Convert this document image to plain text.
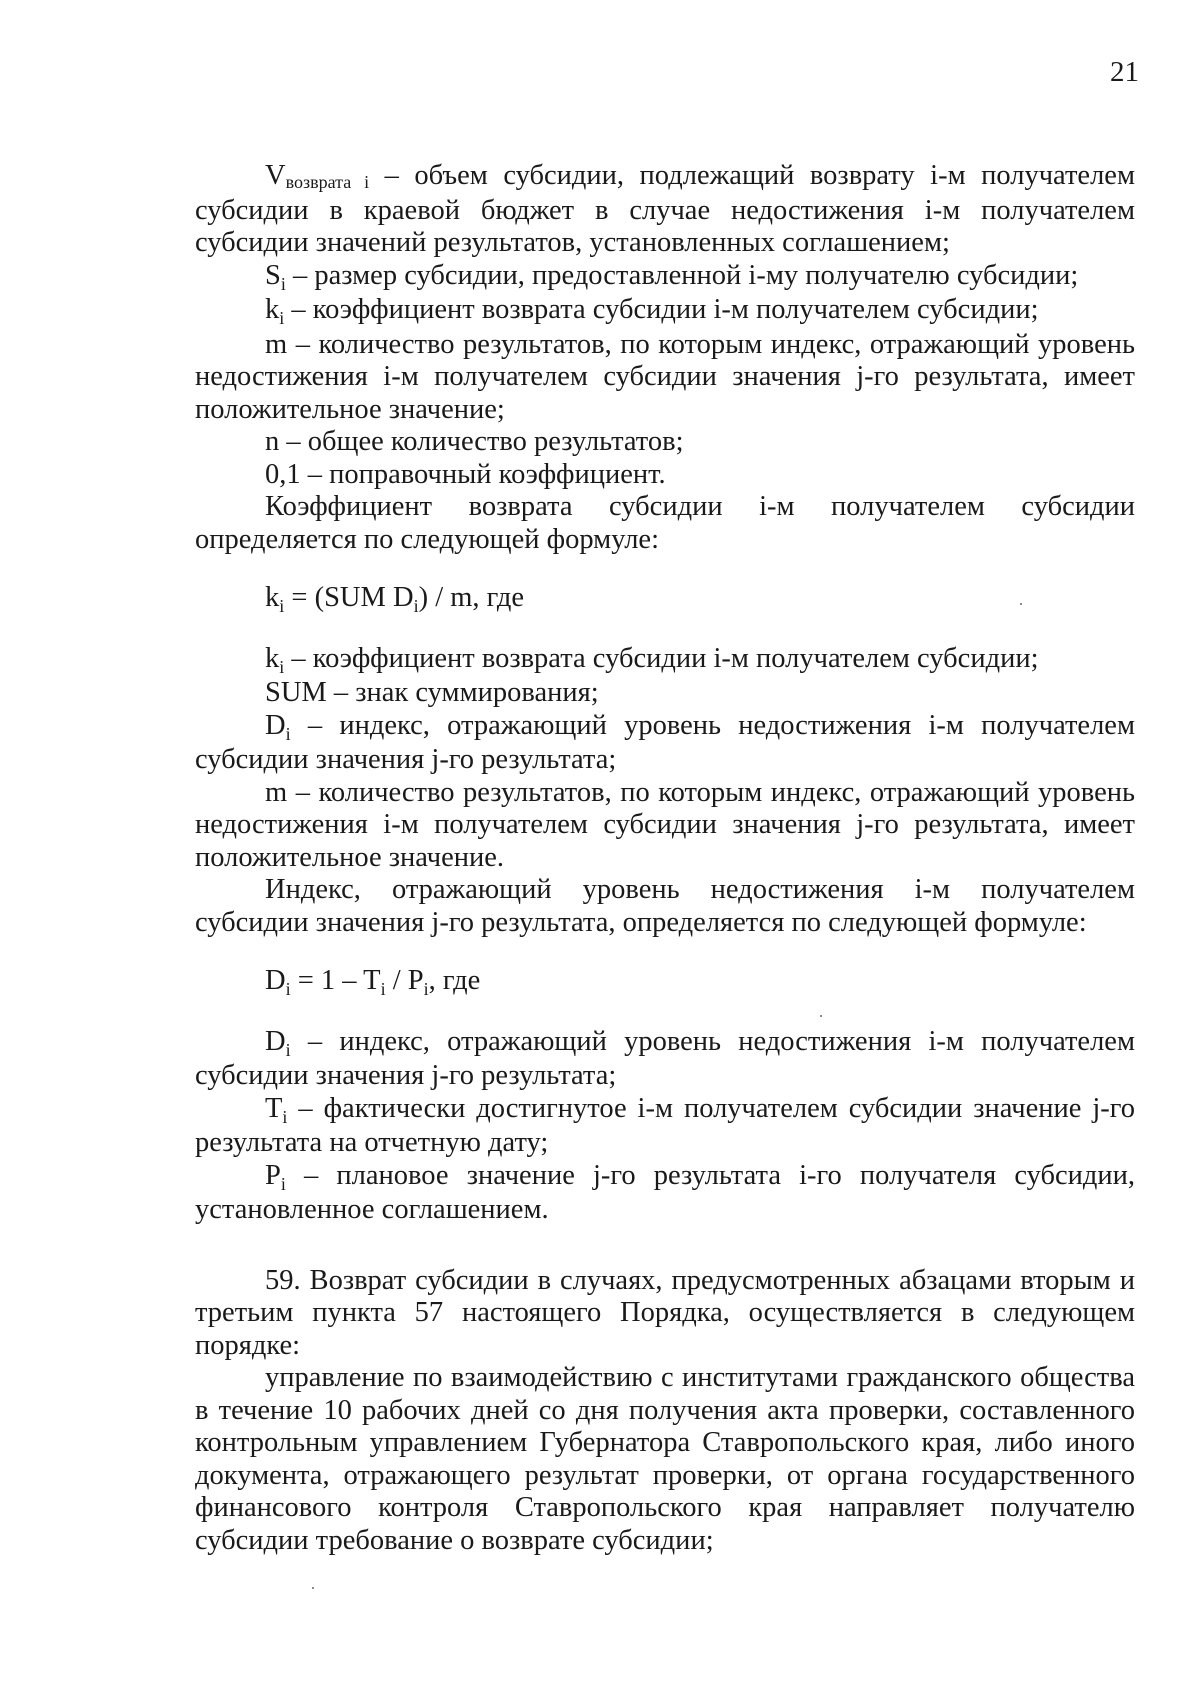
21

Vвозврата i – объем субсидии, подлежащий возврату i-м получателем субсидии в краевой бюджет в случае недостижения i-м получателем субсидии значений результатов, установленных соглашением;

$S_i$ – размер субсидии, предоставленной i-му получателю субсидии;

$k_i$ – коэффициент возврата субсидии i-м получателем субсидии;

m – количество результатов, по которым индекс, отражающий уровень недостижения i-м получателем субсидии значения j-го результата, имеет положительное значение;

n – общее количество результатов;

0,1 – поправочный коэффициент.

Коэффициент возврата субсидии i-м получателем субсидии определяется по следующей формуле:

$k_i = (SUM$ $D_i$) / m, где

$k_i$ – коэффициент возврата субсидии i-м получателем субсидии;

SUM – знак суммирования;

$D_i$ – индекс, отражающий уровень недостижения i-м получателем субсидии значения j-го результата;

m – количество результатов, по которым индекс, отражающий уровень недостижения i-м получателем субсидии значения j-го результата, имеет положительное значение.

Индекс, отражающий уровень недостижения i-м получателем субсидии значения j-го результата, определяется по следующей формуле:

$D_i = 1 - T_i / P_i$, где

$D_i$ – индекс, отражающий уровень недостижения i-м получателем субсидии значения j-го результата;

$T_i$ – фактически достигнутое i-м получателем субсидии значение j-го результата на отчетную дату;

$P_i$ – плановое значение j-го результата i-го получателя субсидии, установленное соглашением.

59. Возврат субсидии в случаях, предусмотренных абзацами вторым и третьим пункта 57 настоящего Порядка, осуществляется в следующем порядке:

управление по взаимодействию с институтами гражданского общества в течение 10 рабочих дней со дня получения акта проверки, составленного контрольным управлением Губернатора Ставропольского края, либо иного документа, отражающего результат проверки, от органа государственного финансового контроля Ставропольского края направляет получателю субсидии требование о возврате субсидии;
